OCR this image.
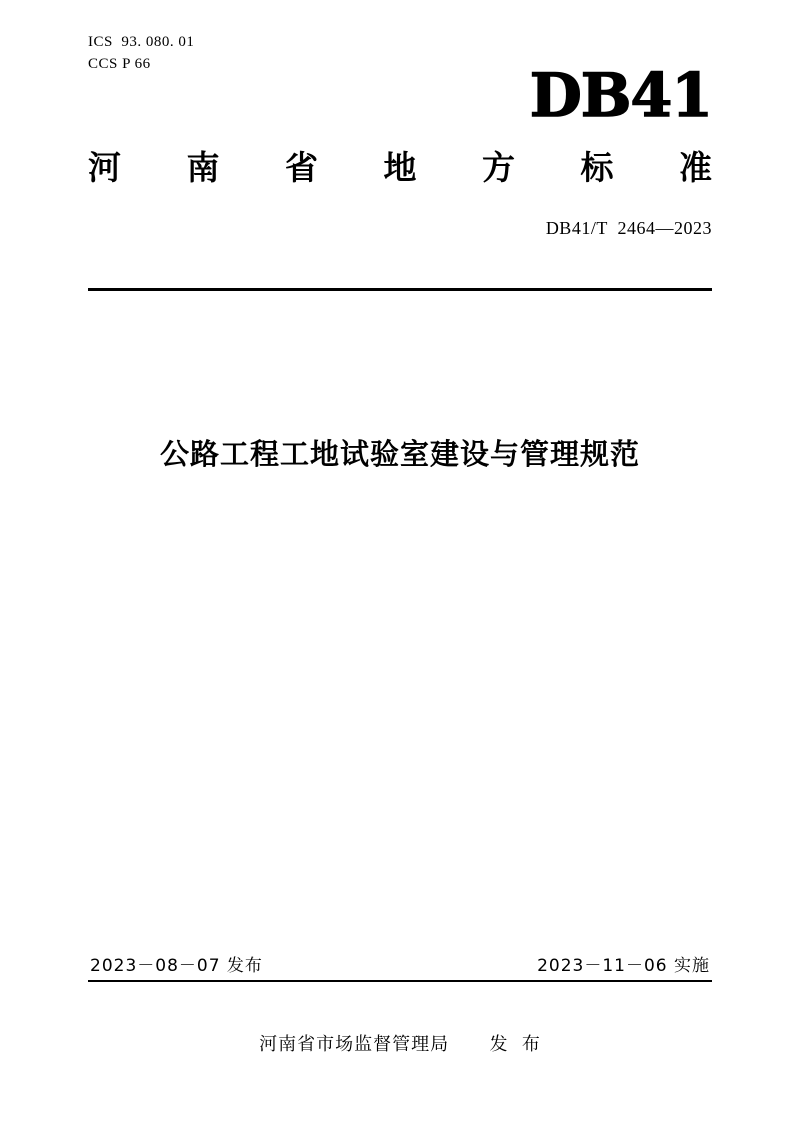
ICS  93. 080. 01
CCS P 66	DB41
河 南 省 地 方 标 准
DB41/T  2464—2023
公路工程工地试验室建设与管理规范
2023－08－07 发布	2023－11－06 实施
河南省市场监督管理局      发  布
